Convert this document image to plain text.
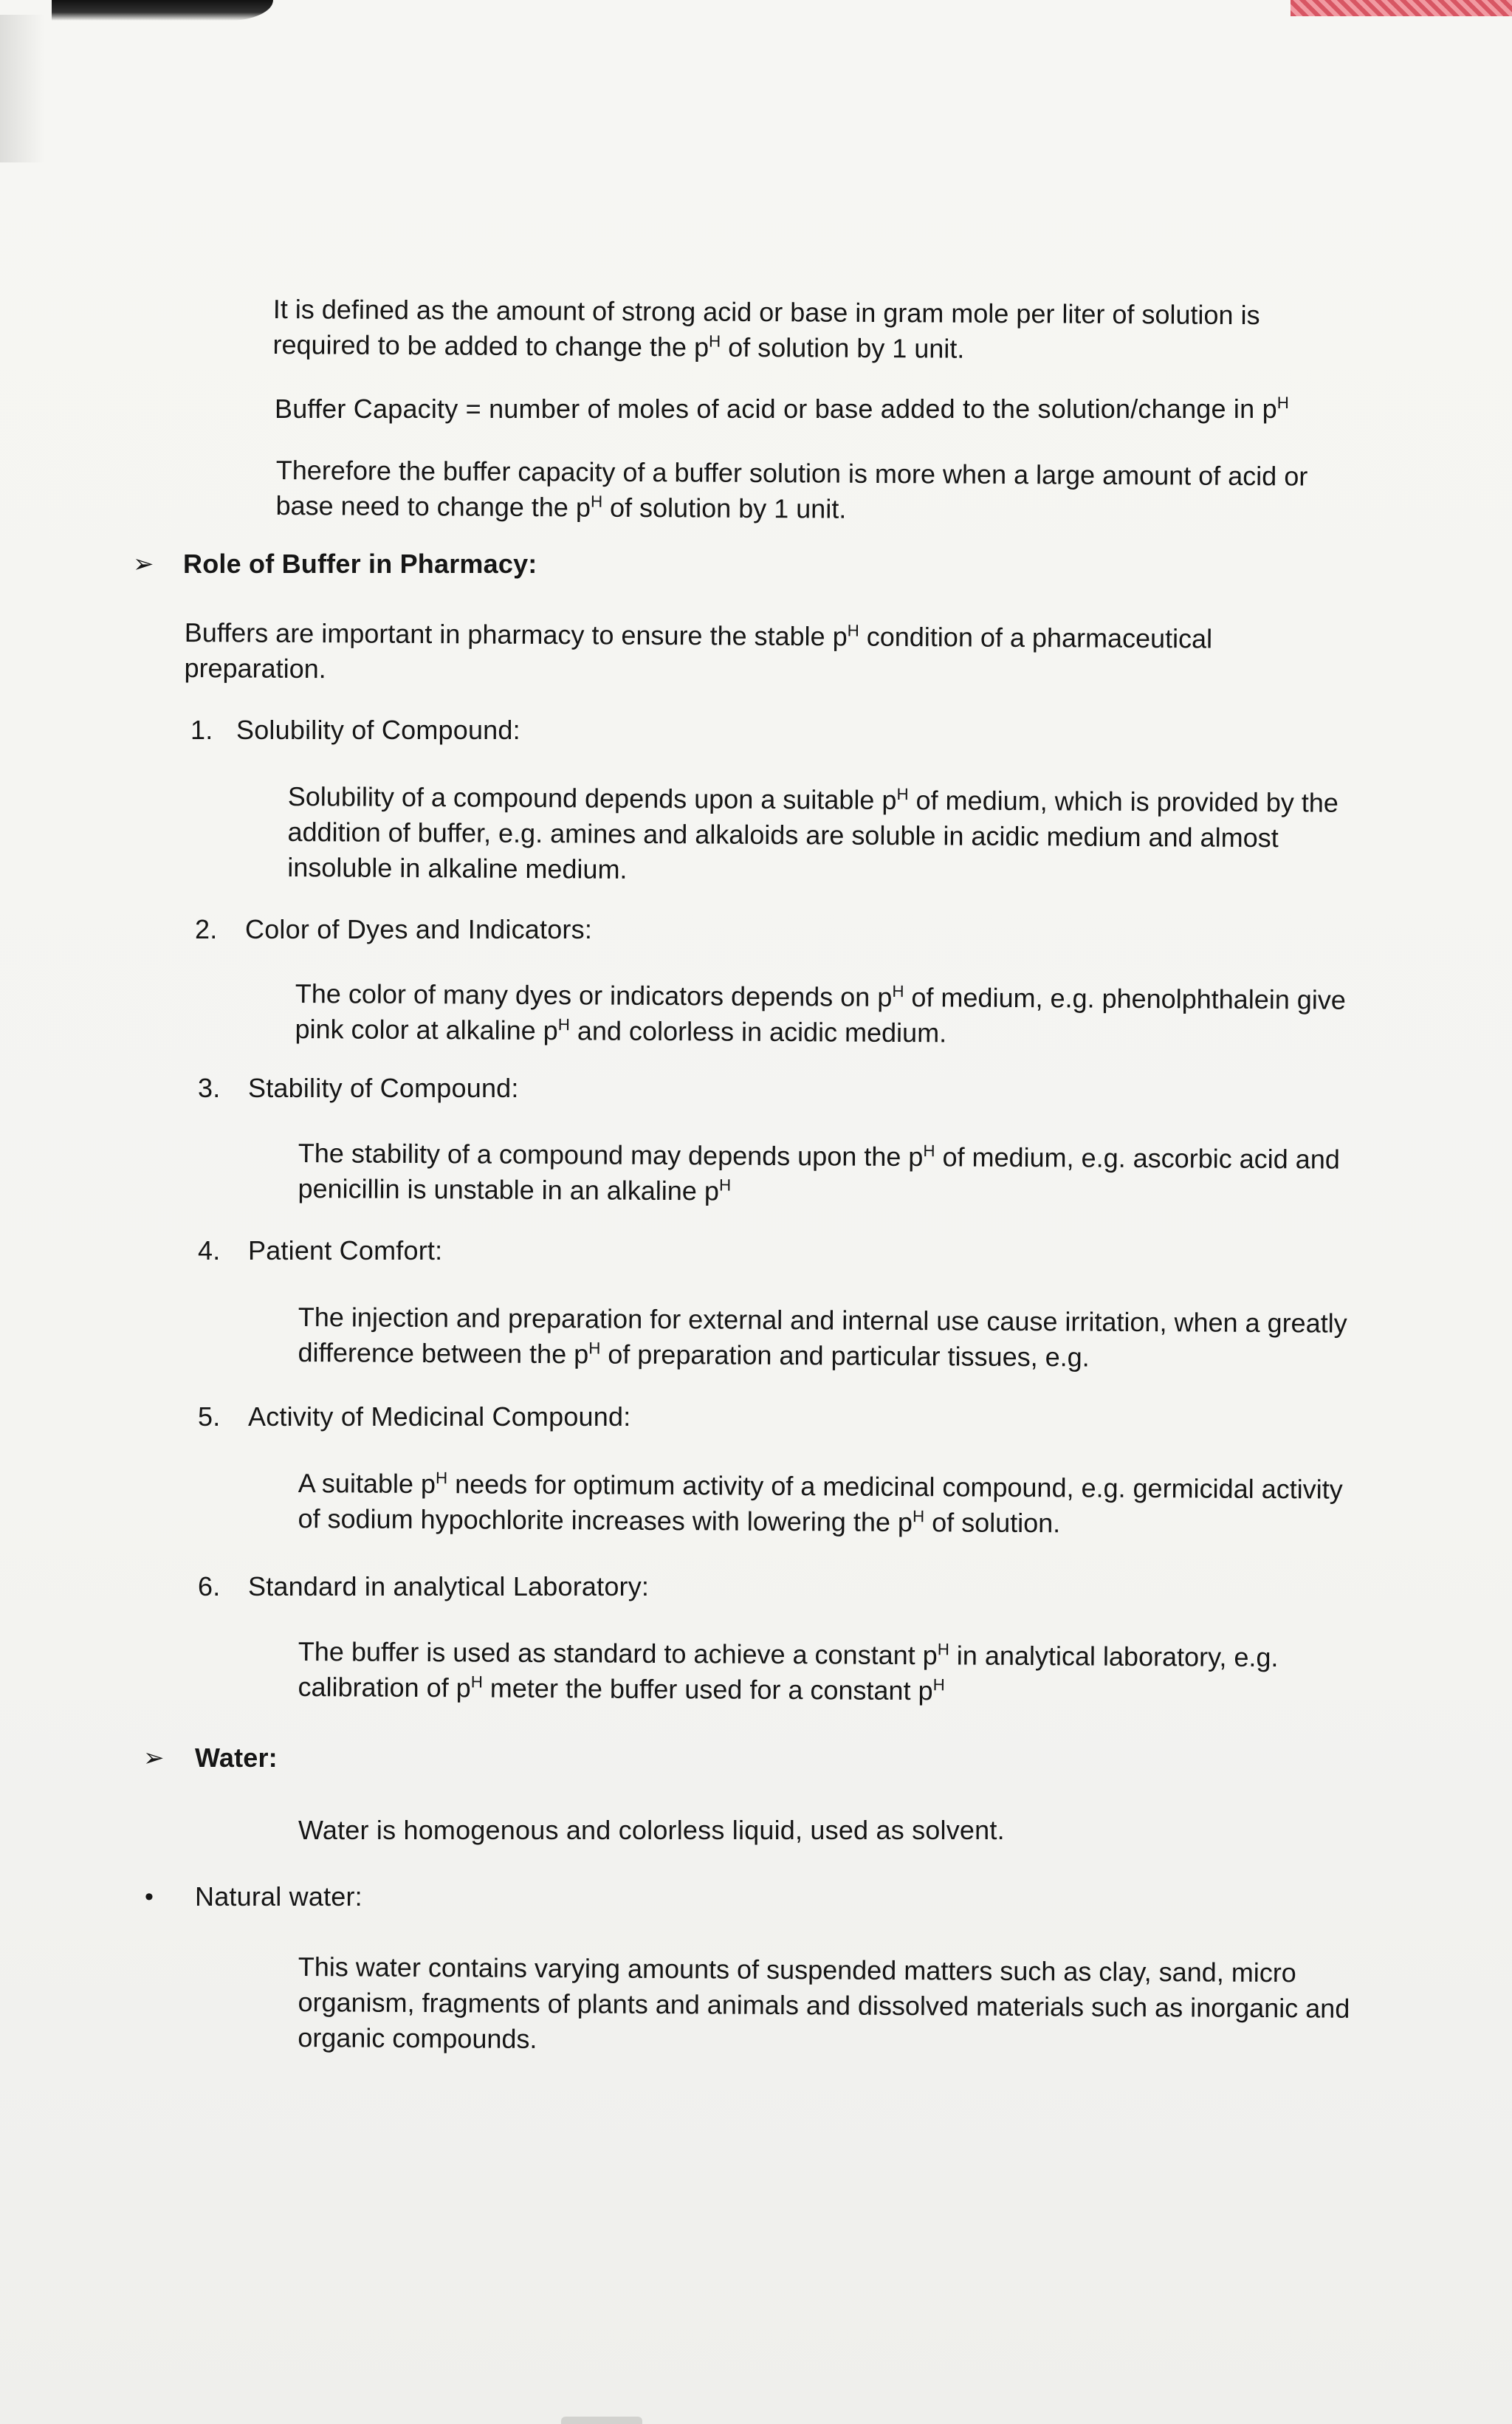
It is defined as the amount of strong acid or base in gram mole per liter of solution is
required to be added to change the $p^H$ of solution by 1 unit.
Buffer Capacity = number of moles of acid or base added to the solution/change in $p^H$
Therefore the buffer capacity of a buffer solution is more when a large amount of acid or
base need to change the $p^H$ of solution by 1 unit.
➢ Role of Buffer in Pharmacy:
Buffers are important in pharmacy to ensure the stable $p^H$ condition of a pharmaceutical
preparation.
1. Solubility of Compound:
Solubility of a compound depends upon a suitable $p^H$ of medium, which is provided by the
addition of buffer, e.g. amines and alkaloids are soluble in acidic medium and almost
insoluble in alkaline medium.
2. Color of Dyes and Indicators:
The color of many dyes or indicators depends on $p^H$ of medium, e.g. phenolphthalein give
pink color at alkaline $p^H$ and colorless in acidic medium.
3. Stability of Compound:
The stability of a compound may depends upon the $p^H$ of medium, e.g. ascorbic acid and
penicillin is unstable in an alkaline $p^H$
4. Patient Comfort:
The injection and preparation for external and internal use cause irritation, when a greatly
difference between the $p^H$ of preparation and particular tissues, e.g.
5. Activity of Medicinal Compound:
A suitable $p^H$ needs for optimum activity of a medicinal compound, e.g. germicidal activity
of sodium hypochlorite increases with lowering the $p^H$ of solution.
6. Standard in analytical Laboratory:
The buffer is used as standard to achieve a constant $p^H$ in analytical laboratory, e.g.
calibration of $p^H$ meter the buffer used for a constant $p^H$
➢ Water:
Water is homogenous and colorless liquid, used as solvent.
• Natural water:
This water contains varying amounts of suspended matters such as clay, sand, micro
organism, fragments of plants and animals and dissolved materials such as inorganic and
organic compounds.
